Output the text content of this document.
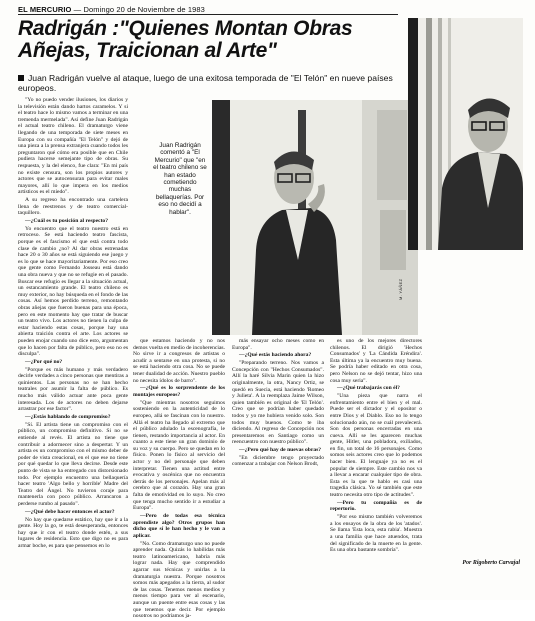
EL MERCURIO — Domingo 20 de Noviembre de 1983
Radrigán :"Quienes Montan Obras Añejas, Traicionan al Arte"
Juan Radrigán vuelve al ataque, luego de una exitosa temporada de "El Telón" en nueve países europeos.

"Yo no puedo vender ilusiones, los diarios y la televisión están dando hartos caramelos. Y si el teatro hace lo mismo vamos a terminar en una tremenda mermelada". Así define Juan Radrigán el actual teatro chileno. El dramaturgo viene llegando de una temporada de siete meses en Europa con su compañía "El Telón" y dejó de una pieza a la prensa extranjera cuando todos les preguntaron qué cómo era posible que en Chile pudiera hacerse semejante tipo de obras. Su respuesta, y la del elenco, fue clara: "En mi país no existe censura, son los propios autores y actores que se autocensuran para evitar males mayores, allí lo que impera en los medios artísticos es el miedo".

A su regreso ha encontrado una cartelera llena de reestrenos y de teatro comercial-taquillero.

—¿Cuál es tu posición al respecto?

Yo encuentro que el teatro nuestro está en retroceso. Se está haciendo teatro fascista, porque es el fascismo el que está contra todo clase de cambio ¿no? Al dar obras estrenadas hace 20 o 30 años se está siguiendo ese juego y es lo que se hace mayoritariamente. Por eso creo que gente como Fernando Josseau está dando una obra nueva y que no se refugie en el pasado. Buscar ese refugio es llegar a la situación actual, un estancamiento grande. El teatro chileno es muy exterior, no hay búsqueda en el fondo de las cosas. Así hemos perdido terreno, remontando obras añejas que fueron buenas para una época, pero en este momento hay que tratar de buscar un teatro vivo. Los actores no tienen la culpa de estar haciendo estas cosas, porque hay una abierta traición contra el arte. Los actores se pueden enojar cuando uno dice esto, argumentan que lo hacen por falta de público, pero eso no es disculpa".

—¿Por qué no?

"Porque es más humano y más verdadero decirle verdades a cinco personas que mentiras a quinientos. Las personas no se han hecho teatrales por asumir la falta de público. Es mucho más válido actuar ante poca gente interesada. Los de actores no deben dejarse arrastrar por ese factor".

—¿Estás hablando de compromiso?

"Sí. El artista tiene un compromiso con el público, un compromiso definitivo. Si no se entiende al revés. El artista no tiene que contribuir a adormecer sino a despertar. Y un artista es un compromiso con el mismo deber de poder de vista creacional, en el que ese no tiene por qué quedar lo que lleva decirse. Desde este punto de vista se ha entregado con distorsionado todo. Por ejemplo encuentro una bellaquería hacer teatro 'Algo bello y horrible' Madre del Teatro del Ángel. No tuvieron coraje para mantenerla con poco público. Arrancaron a perderse rumbo al pasado".

—¿Qué debe hacer entonces el actor?

No hay que quedarse estático, hay que ir a la gente. Hoy la go, te está desesperanda, entonces hay que ir con el teatro donde estén, a sus lugares de residencia. Esto que digo no es para armar boche, es para que pensemos en lo

Juan Radrigán comentó a "El Mercurio" que "en el teatro chileno se han estado cometiendo muchas bellaquerías. Por eso no decidí a hablar".
M. YÁÑEZ

que estamos haciendo y no nos demos vuelta en medio de incoherencias. No sirve ir a congresos de artistas o acudir a sentarse en una protesta, si no se está haciendo otra cosa. No se puede tener dualidad de acción. Nuestro pueblo no necesita ídolos de barro".

—¿Qué es lo sorprendente de los montajes europeos?

"Que mientras nosotros seguimos sosteniendo en la autenticidad de lo europeo, allá se fascinan con lo nuestro. Allá el teatro ha llegado al extremo que el público adulado la escenografía, le tienen, restando importancia al actor. En cuanto a este tiene un gran dominio de su voz y su cuerpo. Pero se quedan en lo físico. Ponen lo físico al servicio del actor y no del personaje que deben interpretar. Tienen una actitud entre evocativa y oscénica que no encuentra detrás de los personajes. Apelan más al cerebro que al corazón. Hay una gran falta de emotividad en lo suyo. No creo que tenga mucho sentido ir a estudiar a Europa".

—Pero de todas esa técnica aprendiste algo? Otros grupos han dicho que sí le han hecho y le van a aplicar.

"No. Como dramaturgo uno no puede aprender nada. Quizás lo habilidas más teatro latinoamericano, habría más lograr nada. Hay que comprendido agarrar sus técnicas y unirlas a la dramaturgia nuestra. Porque nosotros somos más apegados a la tierra, al sudor de las cosas. Tenemos menos medios y menos tiempo para ver al escenario, aunque un puente entre esas cosas y las que tenemos que decir. Por ejemplo nosotros no podríamos ja-

más ensayar ocho meses como en Europa".

—¿Qué estás haciendo ahora?

"Preparando terreno. Nos vamos a Concepción con "Hechos Consumados". Allí la haré Silvia Marin quien la hizo originalmente, la otra, Nancy Ortiz, se quedó en Suecia, está haciendo 'Romeo y Julieta'. A la reemplaza Jaime Wilson, quien también es original de 'El Telón'. Creo que se podrían haber quedado todos y yo me hubiera venido solo. Son todos muy buenos. Como te iba diciendo. Al regreso de Concepción nos presentaremos en Santiago como un reencuentro con nuestro público".

—¿Pero qué hay de nuevas obras?

"En diciembre tengo proyectado comenzar a trabajar con Nelson Brodt,

es uno de los mejores directores chilenos. El dirigió 'Hechos Consumados' y 'La Cándida Eréndira'. Esta última ya la encuentro muy buena. Se podría haber editado en otra cosa, pero Nelson no se dejó tentar, hizo una cosa muy seria".

—¿Qué trabajarás con él?

"Una pieza que narra el enfrentamiento entre el bien y el mal. Puede ser el dictador y el opositor o entre Dios y el Diablo. Eso no lo tengo solucionado aún, no se cuál prevalecerá. Son dos personas encerradas en una cueva. Allí se les aparecen muchas gente, Hitler, una pobladora, exiliados, en fin, un total de 16 personajes. Como somos seis actores creo que lo podemos hacer bien. El lenguaje ya no es el popular de siempre. Este cambio nos va a llevar a encarar cualquier tipo de obra. Esta es la que te hablo es casi una tragedia clásica. Yo sé también que este teatro necesita otro tipo de actitudes".

—Pero tu compañía es de repertorio.

"Por eso mismo también volveremos a los ensayos de la obra de los 'atados'. Se llama 'Esta loca, esta rabia'. Muestra a una familia que hace atuendos, trata del significado de la muerte en la gente. Es una obra bastante sombría".

Por Rigoberto Carvajal
